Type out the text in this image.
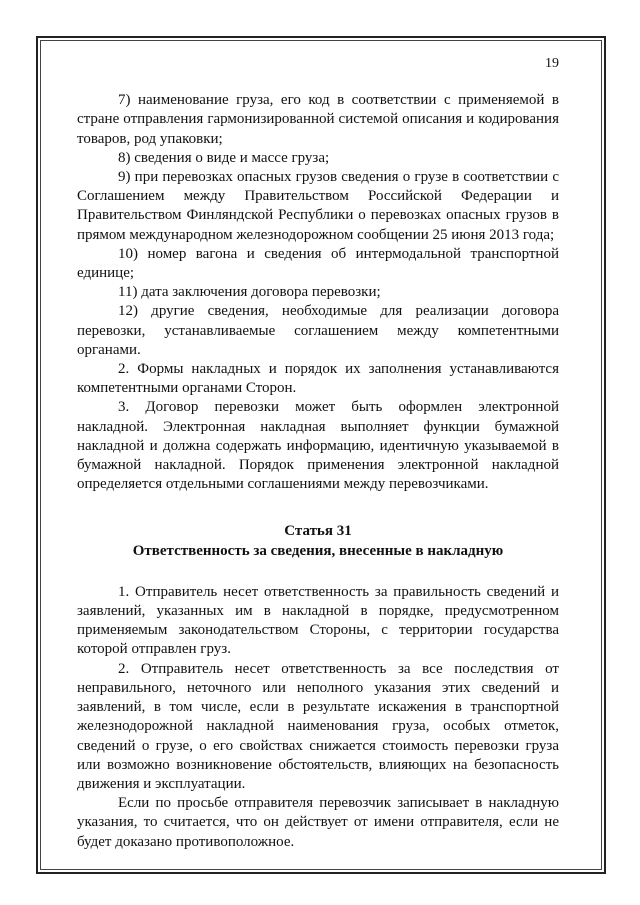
19

7) наименование груза, его код в соответствии с применяемой в стране отправления гармонизированной системой описания и кодирования товаров, род упаковки;

8) сведения о виде и массе груза;

9) при перевозках опасных грузов сведения о грузе в соответствии с Соглашением между Правительством Российской Федерации и Правительством Финляндской Республики о перевозках опасных грузов в прямом международном железнодорожном сообщении 25 июня 2013 года;

10) номер вагона и сведения об интермодальной транспортной единице;

11) дата заключения договора перевозки;

12) другие сведения, необходимые для реализации договора перевозки, устанавливаемые соглашением между компетентными органами.

2. Формы накладных и порядок их заполнения устанавливаются компетентными органами Сторон.

3. Договор перевозки может быть оформлен электронной накладной. Электронная накладная выполняет функции бумажной накладной и должна содержать информацию, идентичную указываемой в бумажной накладной. Порядок применения электронной накладной определяется отдельными соглашениями между перевозчиками.

Статья 31
Ответственность за сведения, внесенные в накладную

1. Отправитель несет ответственность за правильность сведений и заявлений, указанных им в накладной в порядке, предусмотренном применяемым законодательством Стороны, с территории государства которой отправлен груз.

2. Отправитель несет ответственность за все последствия от неправильного, неточного или неполного указания этих сведений и заявлений, в том числе, если в результате искажения в транспортной железнодорожной накладной наименования груза, особых отметок, сведений о грузе, о его свойствах снижается стоимость перевозки груза или возможно возникновение обстоятельств, влияющих на безопасность движения и эксплуатации.

Если по просьбе отправителя перевозчик записывает в накладную указания, то считается, что он действует от имени отправителя, если не будет доказано противоположное.
